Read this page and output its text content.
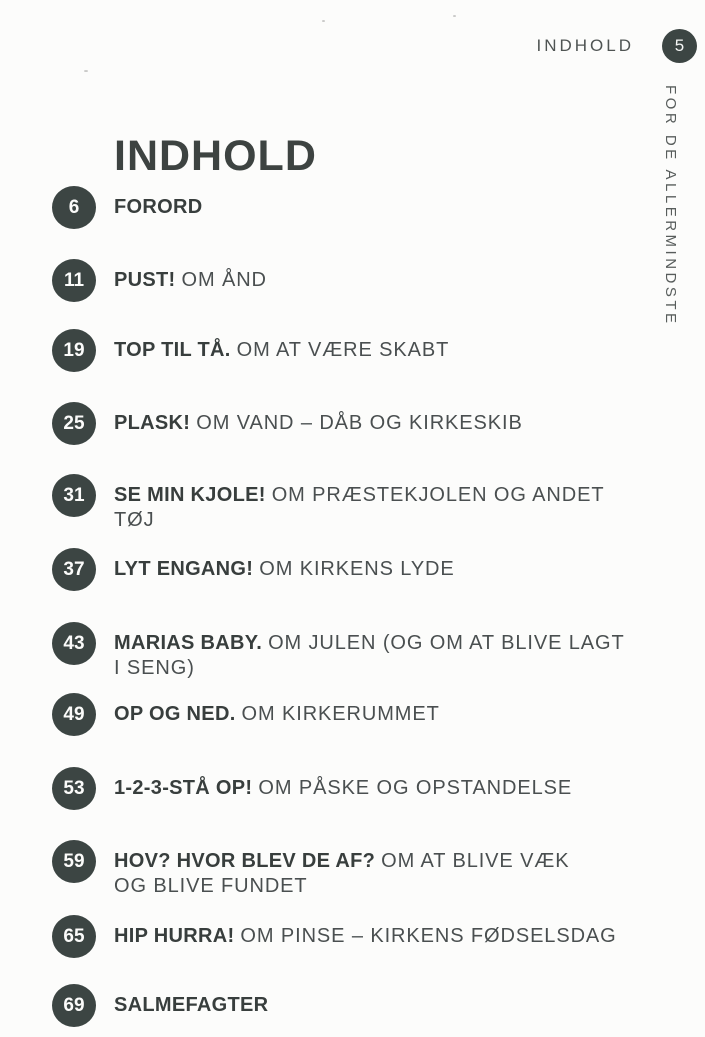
INDHOLD 5
FOR DE ALLERMINDSTE
INDHOLD
6 FORORD
11 PUST! OM ÅND
19 TOP TIL TÅ. OM AT VÆRE SKABT
25 PLASK! OM VAND – DÅB OG KIRKESKIB
31 SE MIN KJOLE! OM PRÆSTEKJOLEN OG ANDET TØJ
37 LYT ENGANG! OM KIRKENS LYDE
43 MARIAS BABY. OM JULEN (OG OM AT BLIVE LAGT
I SENG)
49 OP OG NED. OM KIRKERUMMET
53 1-2-3-STÅ OP! OM PÅSKE OG OPSTANDELSE
59 HOV? HVOR BLEV DE AF? OM AT BLIVE VÆK
OG BLIVE FUNDET
65 HIP HURRA! OM PINSE – KIRKENS FØDSELSDAG
69 SALMEFAGTER
